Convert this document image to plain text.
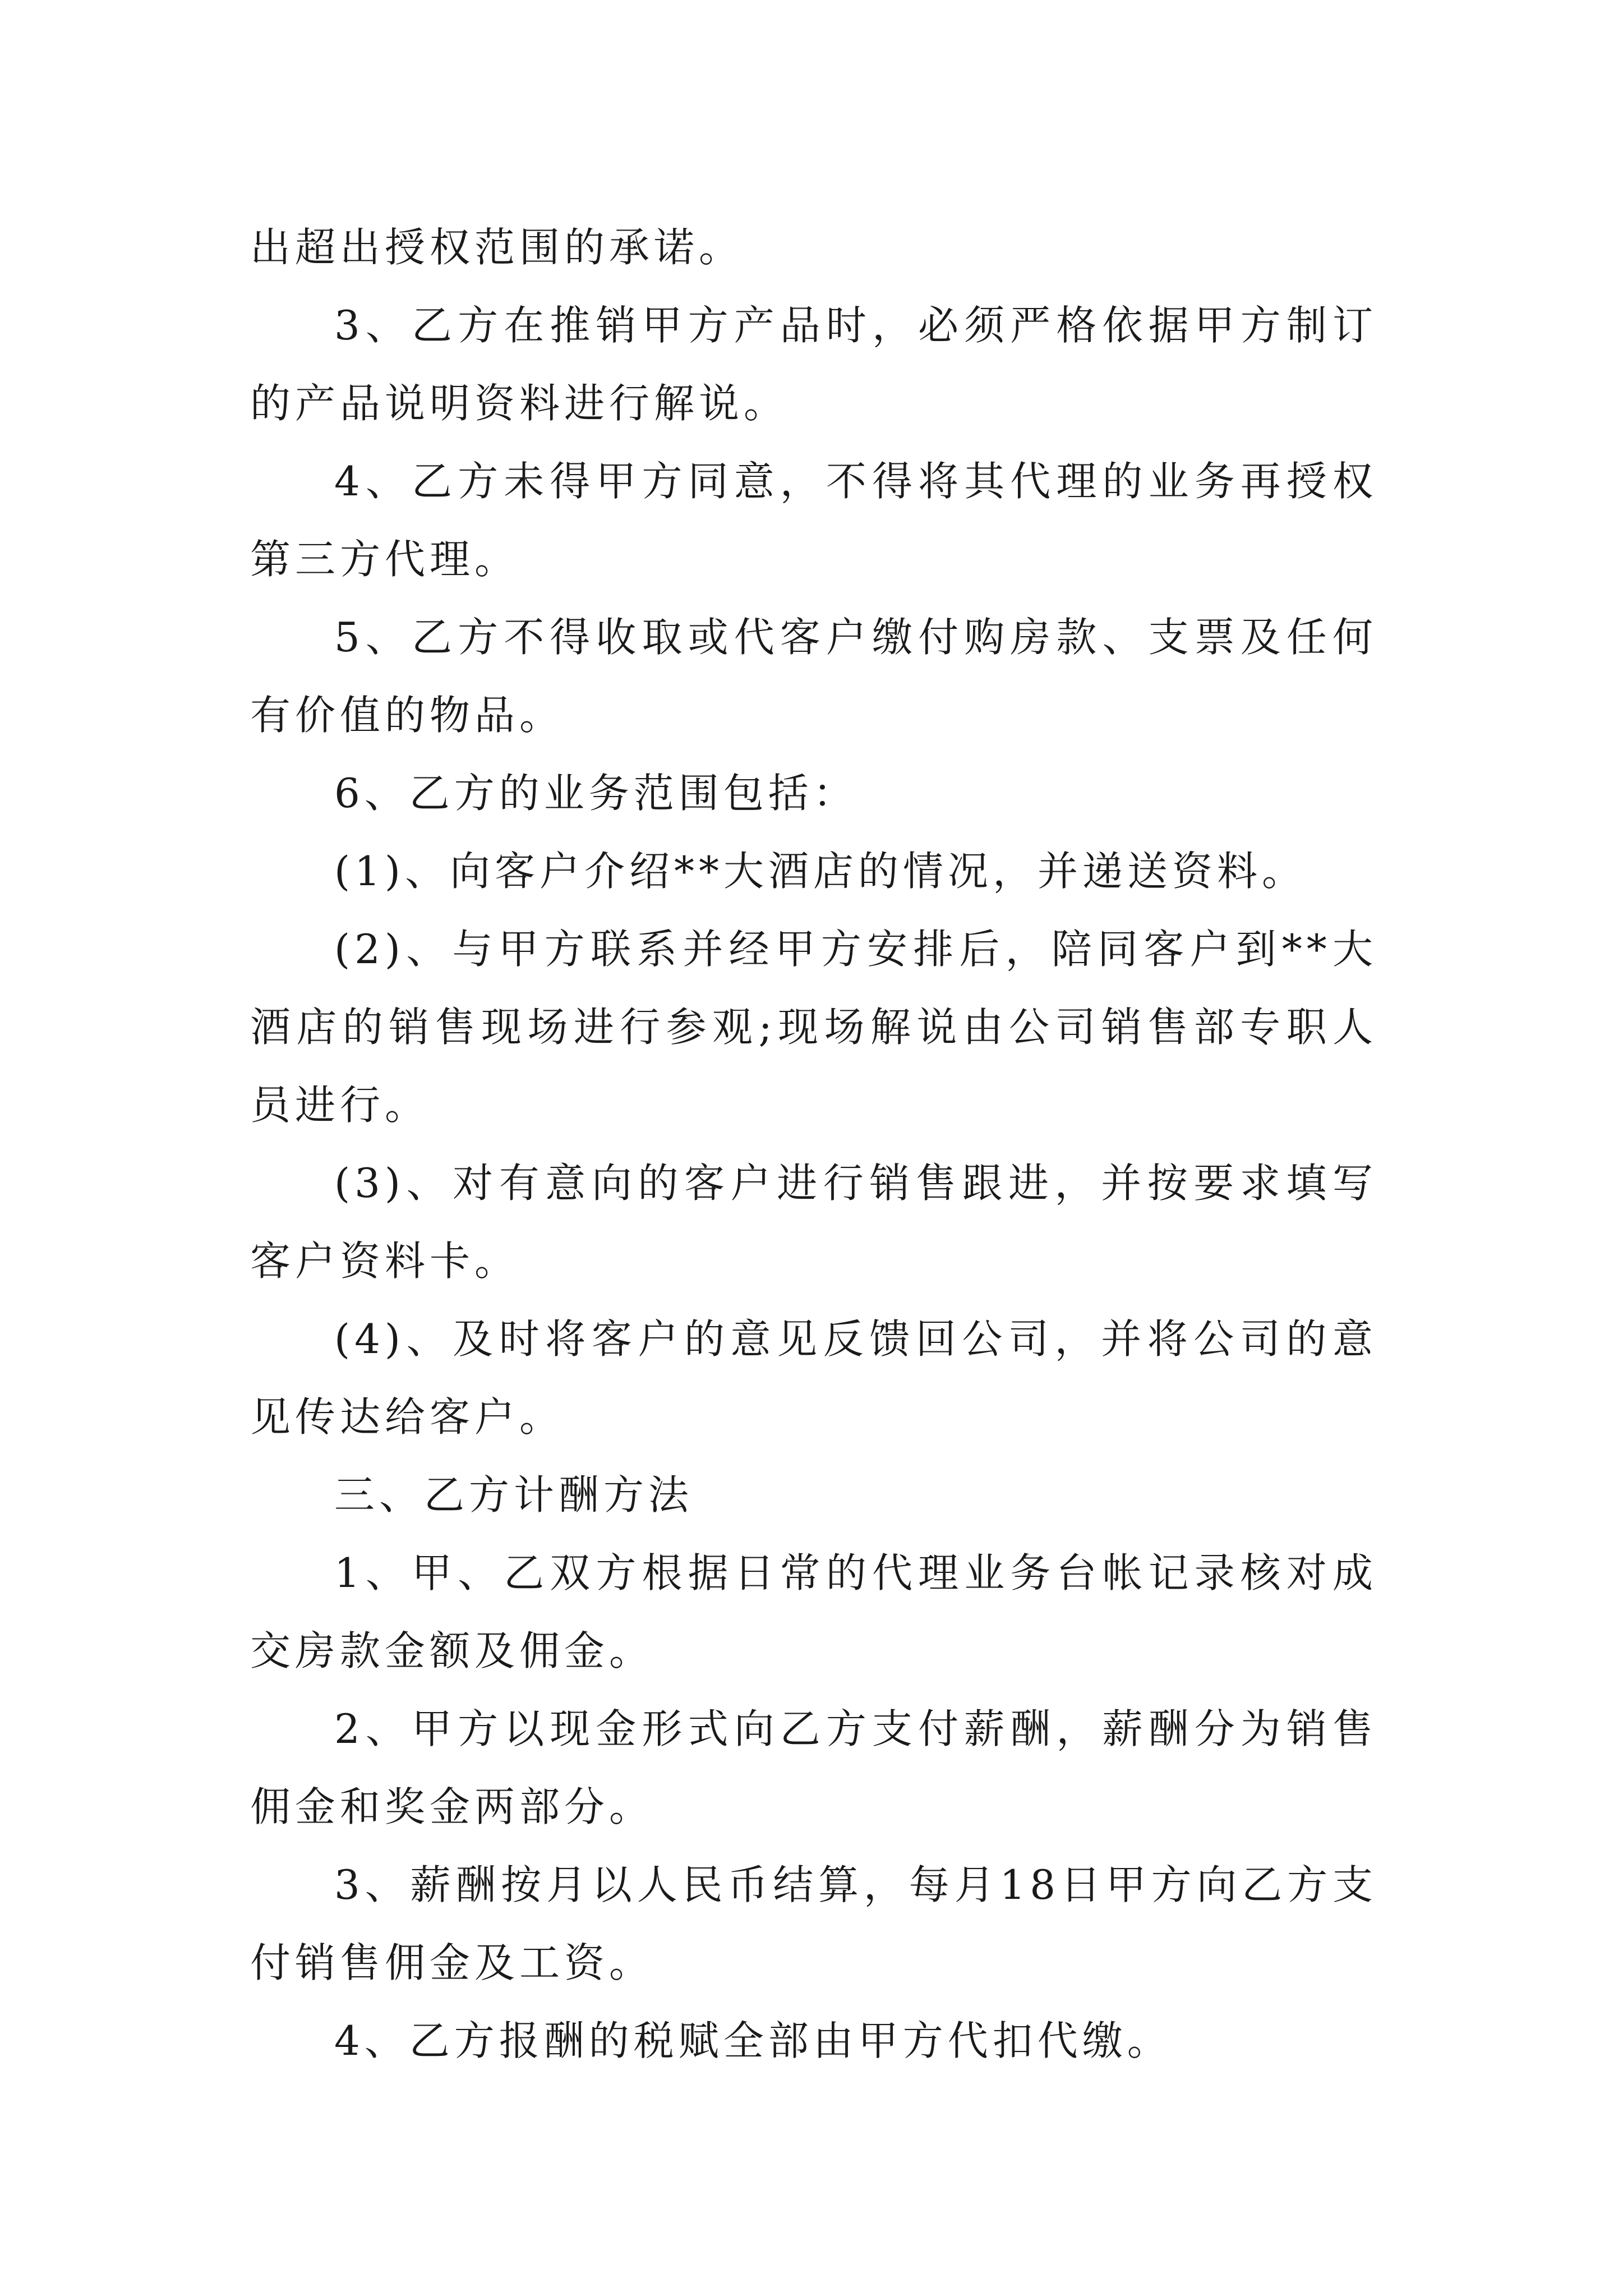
出超出授权范围的承诺。

3、乙方在推销甲方产品时，必须严格依据甲方制订的产品说明资料进行解说。

4、乙方未得甲方同意，不得将其代理的业务再授权第三方代理。

5、乙方不得收取或代客户缴付购房款、支票及任何有价值的物品。

6、乙方的业务范围包括：

(1)、向客户介绍**大酒店的情况，并递送资料。

(2)、与甲方联系并经甲方安排后，陪同客户到**大酒店的销售现场进行参观;现场解说由公司销售部专职人员进行。

(3)、对有意向的客户进行销售跟进，并按要求填写客户资料卡。

(4)、及时将客户的意见反馈回公司，并将公司的意见传达给客户。

三、乙方计酬方法

1、甲、乙双方根据日常的代理业务台帐记录核对成交房款金额及佣金。

2、甲方以现金形式向乙方支付薪酬，薪酬分为销售佣金和奖金两部分。

3、薪酬按月以人民币结算，每月18日甲方向乙方支付销售佣金及工资。

4、乙方报酬的税赋全部由甲方代扣代缴。
